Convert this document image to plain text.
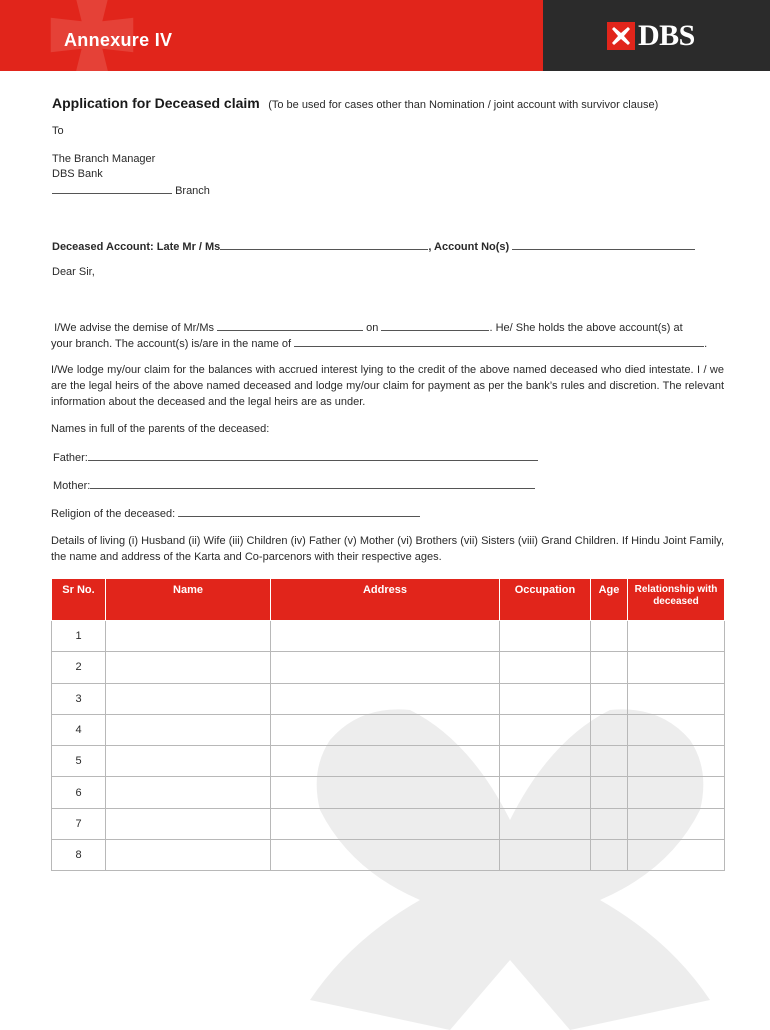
Annexure IV	DBS
Application for Deceased claim (To be used for cases other than Nomination / joint account with survivor clause)
To
The Branch Manager
DBS Bank
Branch
Deceased Account: Late Mr / Ms	, Account No(s)
Dear Sir,
I/We advise the demise of Mr/Ms	on	. He/ She holds the above account(s) at
your branch. The account(s) is/are in the name of	.
I/We lodge my/our claim for the balances with accrued interest lying to the credit of the above named deceased who died intestate. I / we are the legal heirs of the above named deceased and lodge my/our claim for payment as per the bank’s rules and discretion. The relevant information about the deceased and the legal heirs are as under.
Names in full of the parents of the deceased:
Father:
Mother:
Religion of the deceased:
Details of living (i) Husband (ii) Wife (iii) Children (iv) Father (v) Mother (vi) Brothers (vii) Sisters (viii) Grand Children. If Hindu Joint Family, the name and address of the Karta and Co-parcenors with their respective ages.
Sr No.	Name	Address	Occupation	Age	Relationship with deceased
1					
2					
3					
4					
5					
6					
7					
8					
